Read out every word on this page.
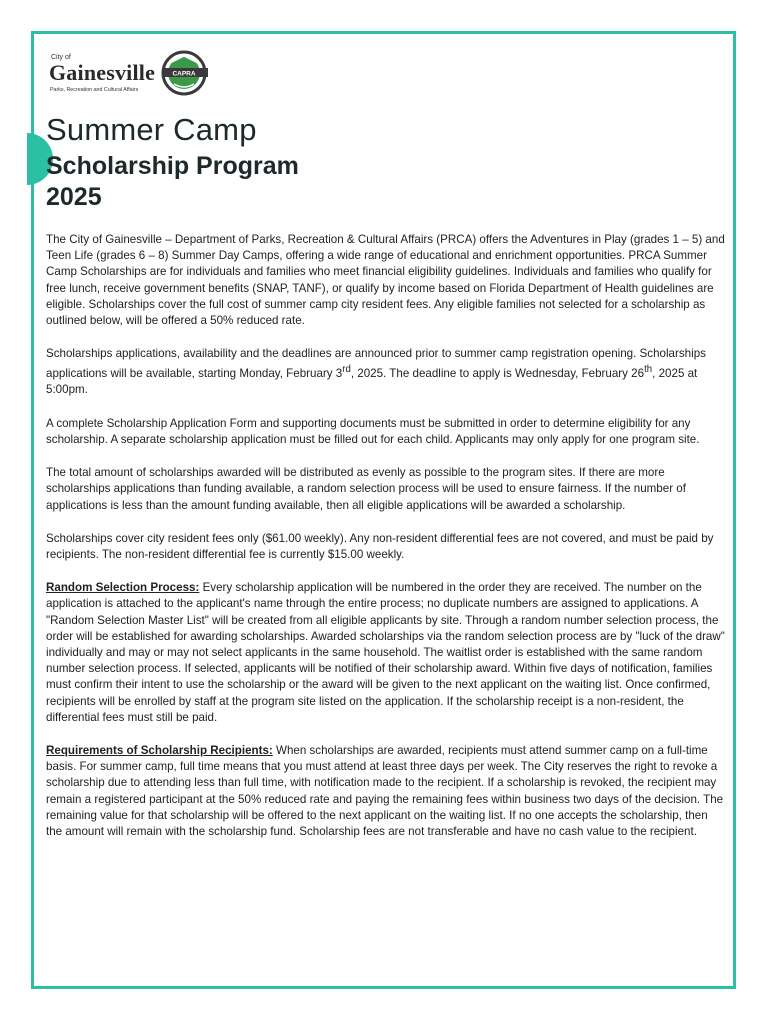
City of
Gainesville
Parks, Recreation and Cultural Affairs
CAPRA
Summer Camp
Scholarship Program
2025

The City of Gainesville – Department of Parks, Recreation & Cultural Affairs (PRCA) offers the Adventures in Play (grades 1 – 5) and Teen Life (grades 6 – 8) Summer Day Camps, offering a wide range of educational and enrichment opportunities. PRCA Summer Camp Scholarships are for individuals and families who meet financial eligibility guidelines. Individuals and families who qualify for free lunch, receive government benefits (SNAP, TANF), or qualify by income based on Florida Department of Health guidelines are eligible. Scholarships cover the full cost of summer camp city resident fees. Any eligible families not selected for a scholarship as outlined below, will be offered a 50% reduced rate.

Scholarships applications, availability and the deadlines are announced prior to summer camp registration opening. Scholarships applications will be available, starting Monday, February 3rd, 2025. The deadline to apply is Wednesday, February 26th, 2025 at 5:00pm.

A complete Scholarship Application Form and supporting documents must be submitted in order to determine eligibility for any scholarship. A separate scholarship application must be filled out for each child. Applicants may only apply for one program site.

The total amount of scholarships awarded will be distributed as evenly as possible to the program sites. If there are more scholarships applications than funding available, a random selection process will be used to ensure fairness. If the number of applications is less than the amount funding available, then all eligible applications will be awarded a scholarship.

Scholarships cover city resident fees only ($61.00 weekly). Any non-resident differential fees are not covered, and must be paid by recipients. The non-resident differential fee is currently $15.00 weekly.

Random Selection Process: Every scholarship application will be numbered in the order they are received. The number on the application is attached to the applicant's name through the entire process; no duplicate numbers are assigned to applications. A "Random Selection Master List" will be created from all eligible applicants by site. Through a random number selection process, the order will be established for awarding scholarships. Awarded scholarships via the random selection process are by "luck of the draw" individually and may or may not select applicants in the same household. The waitlist order is established with the same random number selection process. If selected, applicants will be notified of their scholarship award. Within five days of notification, families must confirm their intent to use the scholarship or the award will be given to the next applicant on the waiting list. Once confirmed, recipients will be enrolled by staff at the program site listed on the application. If the scholarship receipt is a non-resident, the differential fees must still be paid.

Requirements of Scholarship Recipients: When scholarships are awarded, recipients must attend summer camp on a full-time basis. For summer camp, full time means that you must attend at least three days per week. The City reserves the right to revoke a scholarship due to attending less than full time, with notification made to the recipient. If a scholarship is revoked, the recipient may remain a registered participant at the 50% reduced rate and paying the remaining fees within business two days of the decision. The remaining value for that scholarship will be offered to the next applicant on the waiting list. If no one accepts the scholarship, then the amount will remain with the scholarship fund. Scholarship fees are not transferable and have no cash value to the recipient.
